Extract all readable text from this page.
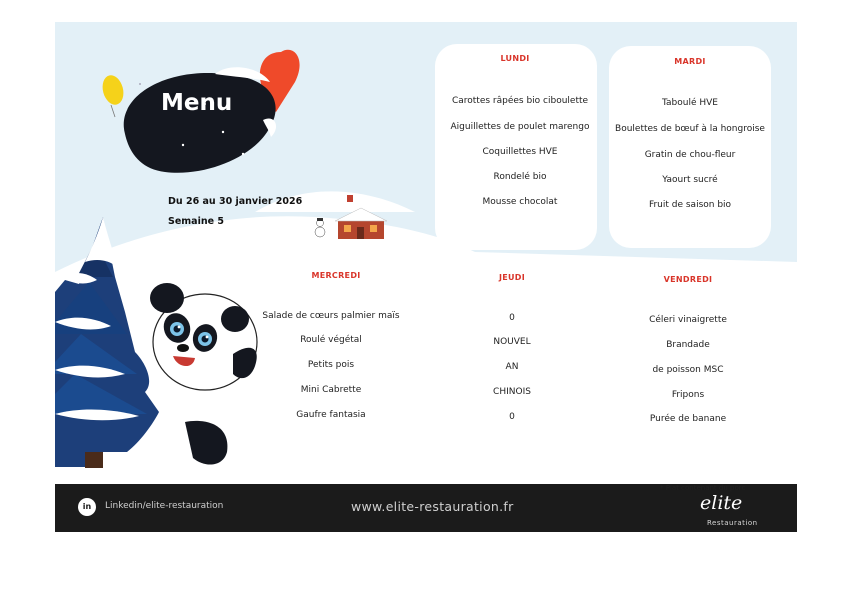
Menu
Du 26 au 30 janvier 2026
Semaine 5
LUNDI
Carottes râpées bio ciboulette
Aiguillettes de poulet marengo
Coquillettes HVE
Rondelé bio
Mousse chocolat
MARDI
Taboulé HVE
Boulettes de bœuf à la hongroise
Gratin de chou-fleur
Yaourt sucré
Fruit de saison bio
MERCREDI
Salade de cœurs palmier maïs
Roulé végétal
Petits pois
Mini Cabrette
Gaufre fantasia
JEUDI
0
NOUVEL
AN
CHINOIS
0
VENDREDI
Céleri vinaigrette
Brandade
de poisson MSC
Fripons
Purée de banane
in	Linkedin/elite-restauration	www.elite-restauration.fr	elite
Restauration
* Plat contenant du porc
